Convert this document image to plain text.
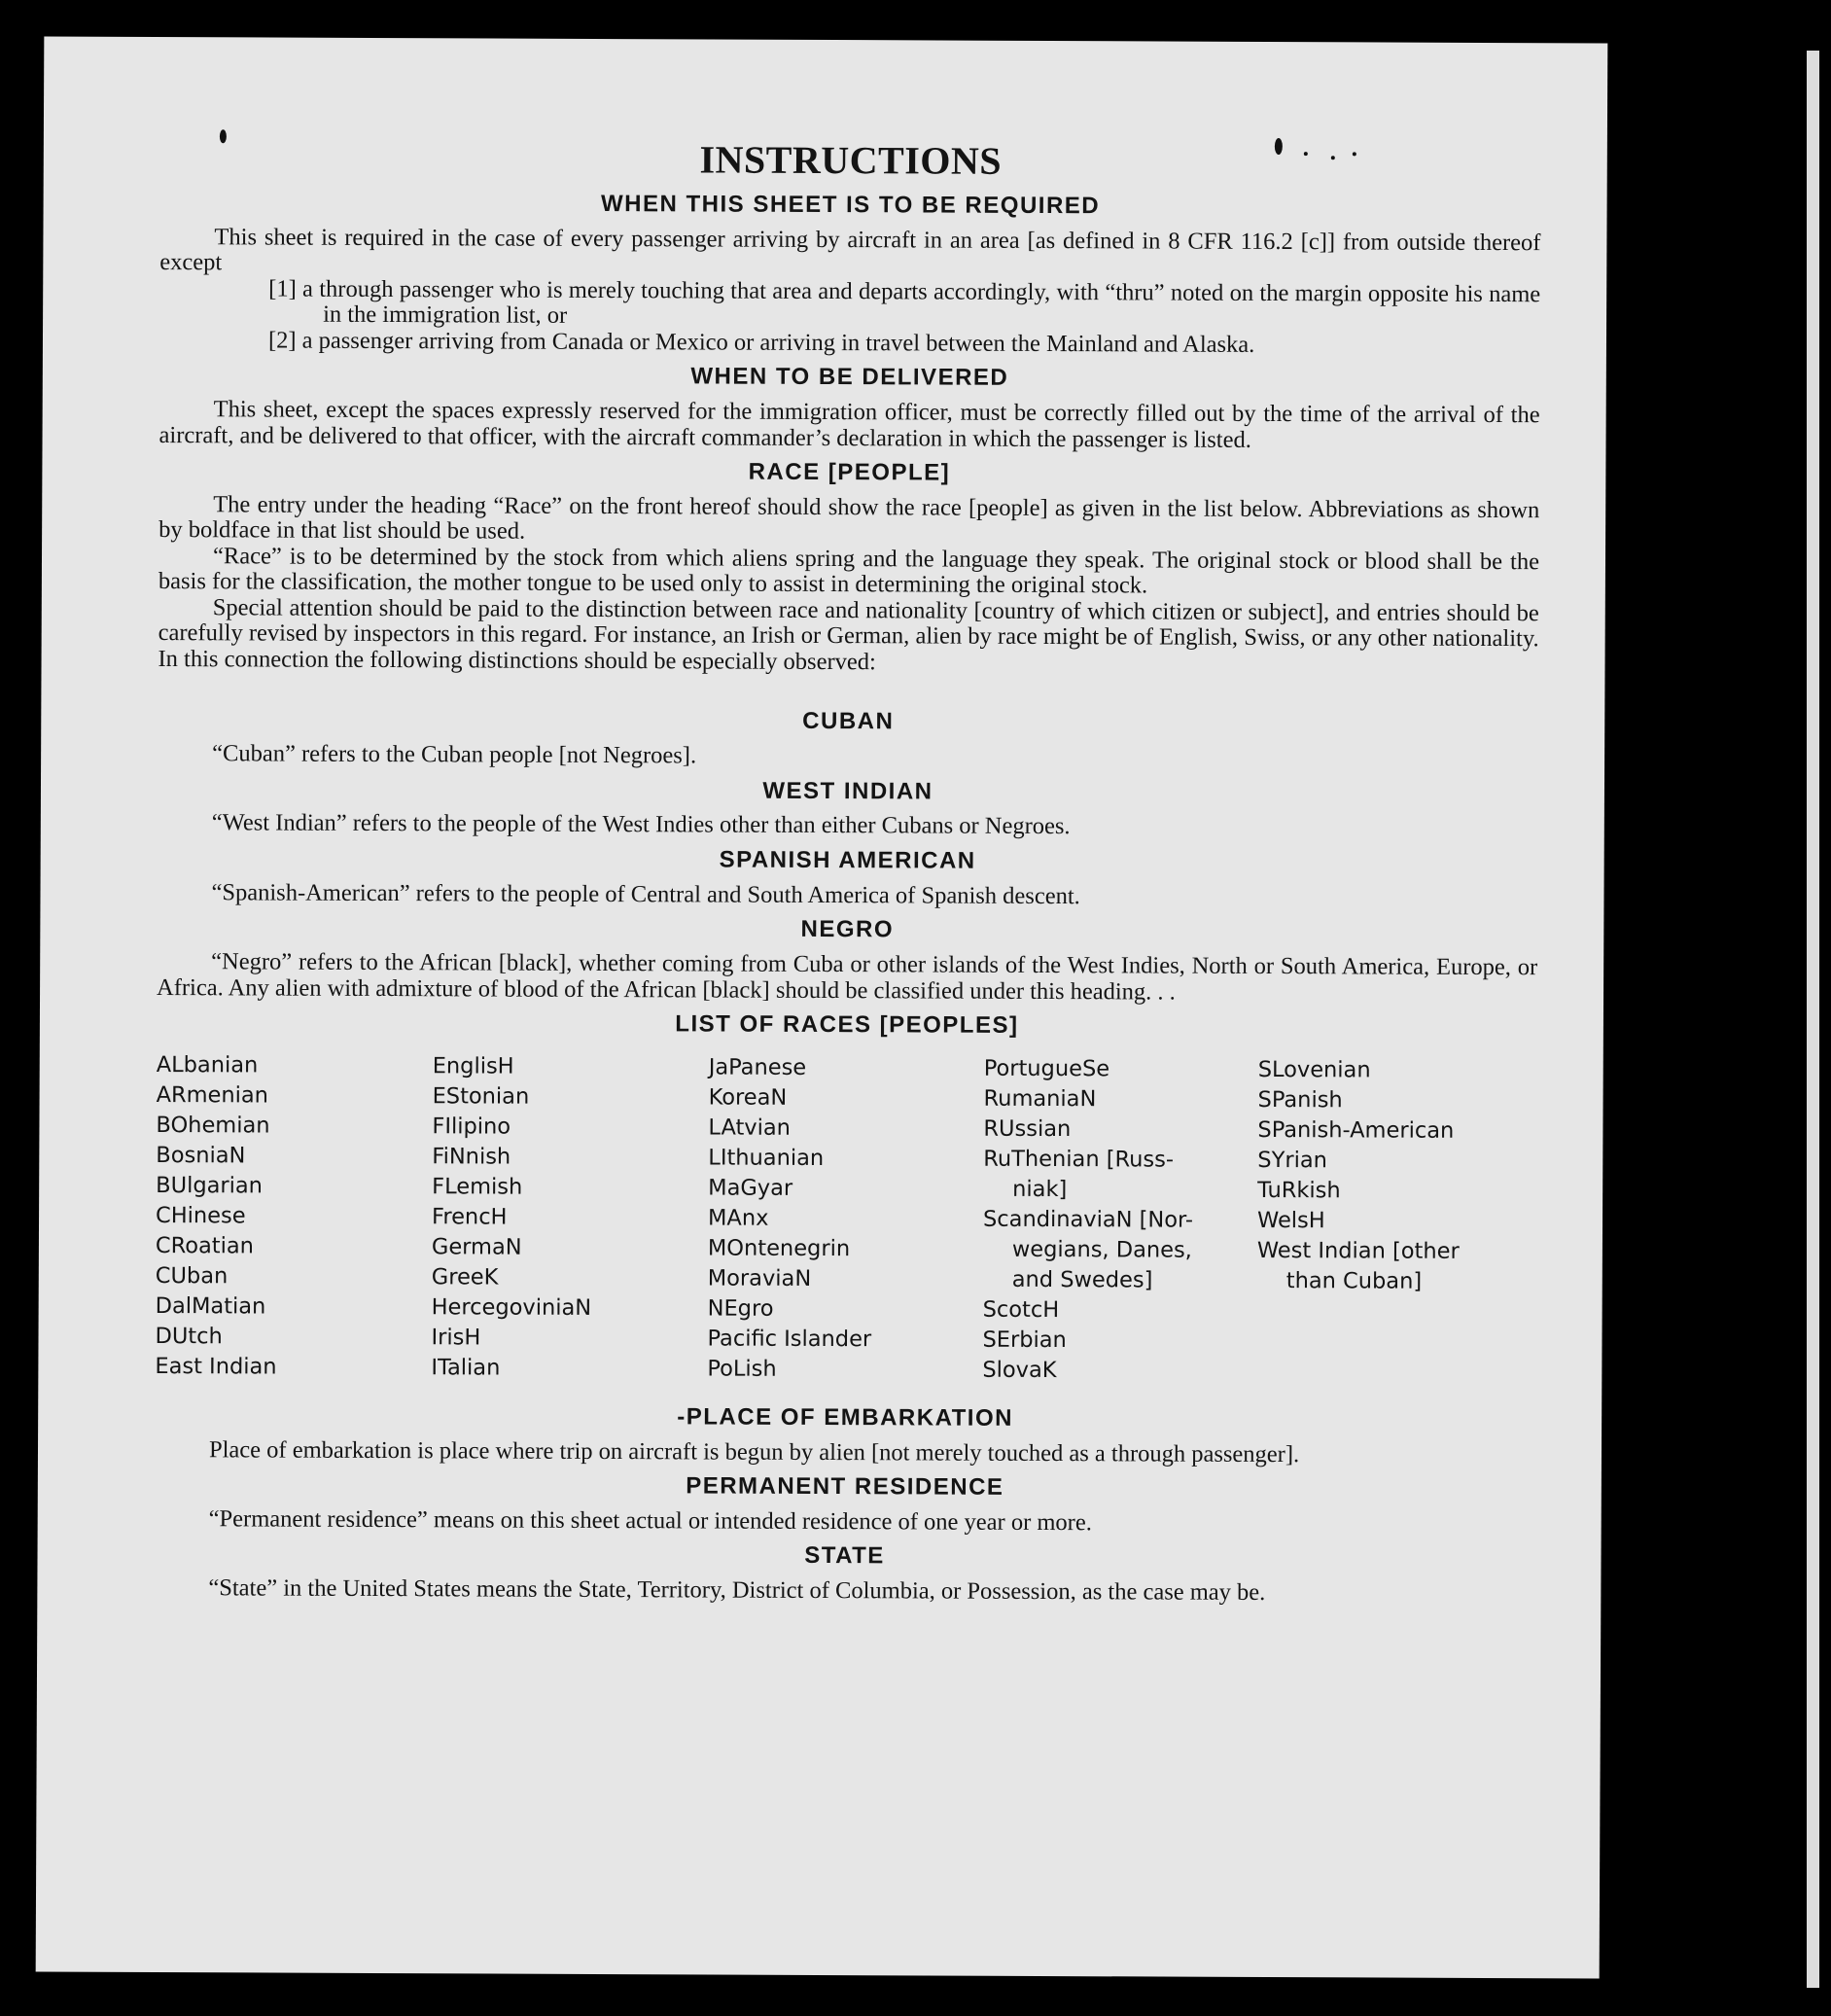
INSTRUCTIONS
WHEN THIS SHEET IS TO BE REQUIRED

This sheet is required in the case of every passenger arriving by aircraft in an area [as defined in 8 CFR 116.2 [c]] from outside thereof except

[1] a through passenger who is merely touching that area and departs accordingly, with “thru” noted on the margin opposite his name in the immigration list, or
[2] a passenger arriving from Canada or Mexico or arriving in travel between the Mainland and Alaska.
WHEN TO BE DELIVERED

This sheet, except the spaces expressly reserved for the immigration officer, must be correctly filled out by the time of the arrival of the aircraft, and be delivered to that officer, with the aircraft commander’s declaration in which the passenger is listed.

RACE [PEOPLE]

The entry under the heading “Race” on the front hereof should show the race [people] as given in the list below. Abbreviations as shown by boldface in that list should be used.

“Race” is to be determined by the stock from which aliens spring and the language they speak. The original stock or blood shall be the basis for the classification, the mother tongue to be used only to assist in determining the original stock.

Special attention should be paid to the distinction between race and nationality [country of which citizen or subject], and entries should be carefully revised by inspectors in this regard. For instance, an Irish or German, alien by race might be of English, Swiss, or any other nationality. In this connection the following distinctions should be especially observed:

CUBAN

“Cuban” refers to the Cuban people [not Negroes].

WEST INDIAN

“West Indian” refers to the people of the West Indies other than either Cubans or Negroes.

SPANISH AMERICAN

“Spanish-American” refers to the people of Central and South America of Spanish descent.

NEGRO

“Negro” refers to the African [black], whether coming from Cuba or other islands of the West Indies, North or South America, Europe, or Africa. Any alien with admixture of blood of the African [black] should be classified under this heading. . .

LIST OF RACES [PEOPLES]
ALbanian
ARmenian
BOhemian
BosniaN
BUlgarian
CHinese
CRoatian
CUban
DalMatian
DUtch
East Indian
EnglisH
EStonian
FIlipino
FiNnish
FLemish
FrencH
GermaN
GreeK
HercegoviniaN
IrisH
ITalian
JaPanese
KoreaN
LAtvian
LIthuanian
MaGyar
MAnx
MOntenegrin
MoraviaN
NEgro
Pacific Islander
PoLish
PortugueSe
RumaniaN
RUssian
RuThenian [Russ-
niak]
ScandinaviaN [Nor-
wegians, Danes,
and Swedes]
ScotcH
SErbian
SlovaK
SLovenian
SPanish
SPanish-American
SYrian
TuRkish
WelsH
West Indian [other
than Cuban]
-PLACE OF EMBARKATION

Place of embarkation is place where trip on aircraft is begun by alien [not merely touched as a through passenger].

PERMANENT RESIDENCE

“Permanent residence” means on this sheet actual or intended residence of one year or more.

STATE

“State” in the United States means the State, Territory, District of Columbia, or Possession, as the case may be.
